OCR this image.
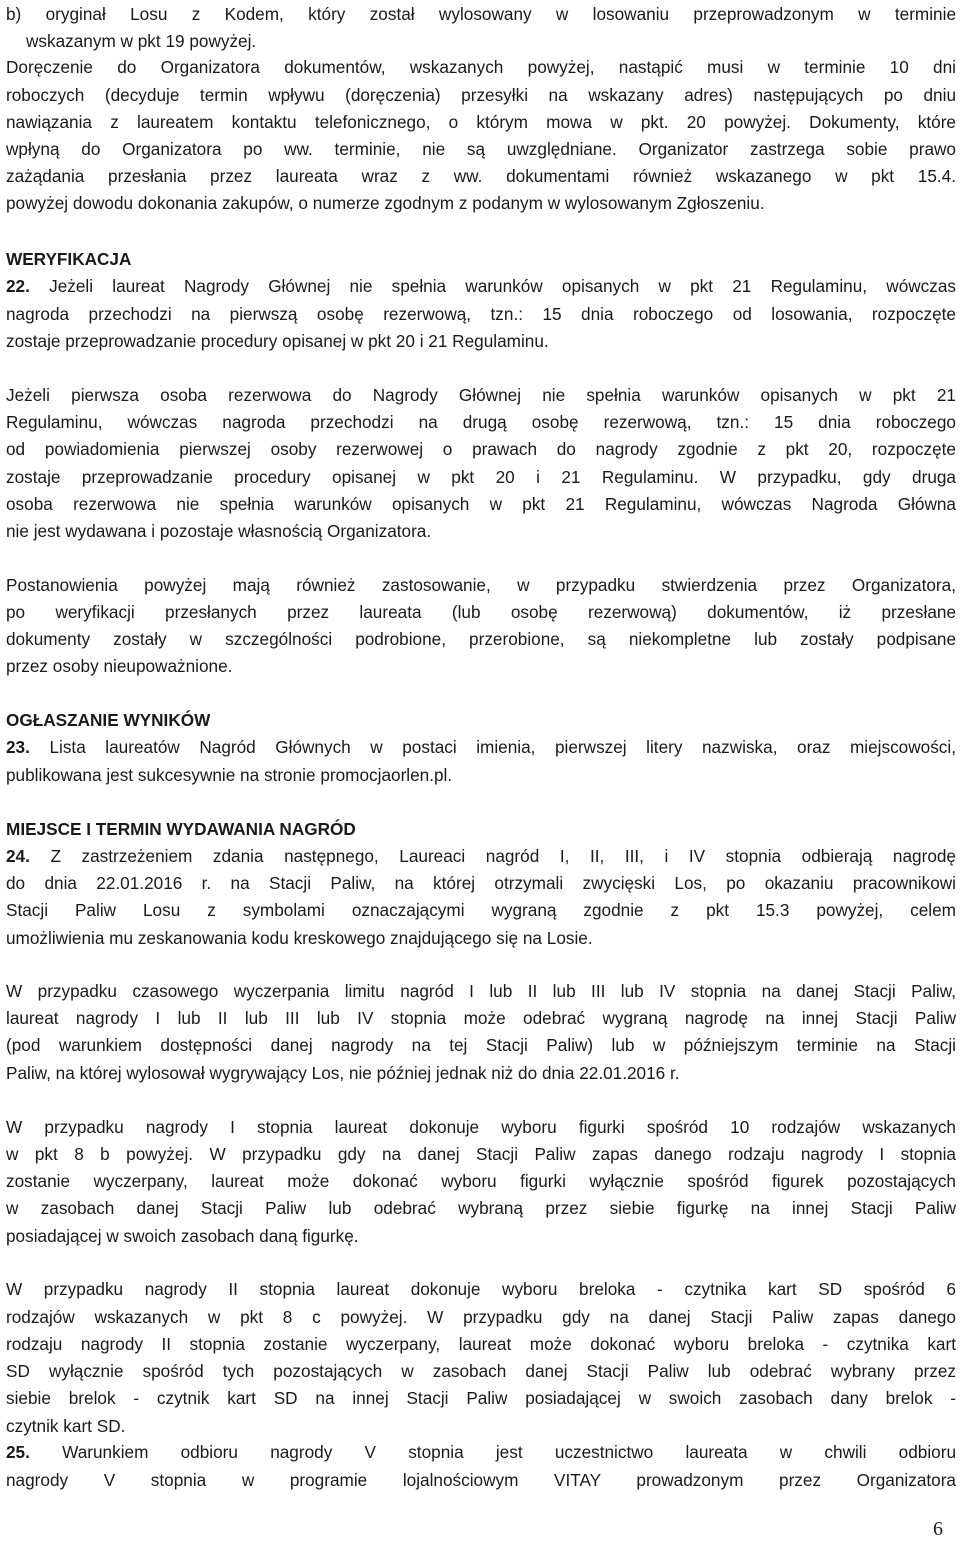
b) oryginał Losu z Kodem, który został wylosowany w losowaniu przeprowadzonym w terminie
wskazanym w pkt 19 powyżej.
Doręczenie do Organizatora dokumentów, wskazanych powyżej, nastąpić musi w terminie 10 dni
roboczych (decyduje termin wpływu (doręczenia) przesyłki na wskazany adres) następujących po dniu
nawiązania z laureatem kontaktu telefonicznego, o którym mowa w pkt. 20 powyżej. Dokumenty, które
wpłyną do Organizatora po ww. terminie, nie są uwzględniane. Organizator zastrzega sobie prawo
zażądania przesłania przez laureata wraz z ww. dokumentami również wskazanego w pkt 15.4.
powyżej dowodu dokonania zakupów, o numerze zgodnym z podanym w wylosowanym Zgłoszeniu.
WERYFIKACJA
22. Jeżeli laureat Nagrody Głównej nie spełnia warunków opisanych w pkt 21 Regulaminu, wówczas
nagroda przechodzi na pierwszą osobę rezerwową, tzn.: 15 dnia roboczego od losowania, rozpoczęte
zostaje przeprowadzanie procedury opisanej w pkt 20 i 21 Regulaminu.
Jeżeli pierwsza osoba rezerwowa do Nagrody Głównej nie spełnia warunków opisanych w pkt 21
Regulaminu, wówczas nagroda przechodzi na drugą osobę rezerwową, tzn.: 15 dnia roboczego
od powiadomienia pierwszej osoby rezerwowej o prawach do nagrody zgodnie z pkt 20, rozpoczęte
zostaje przeprowadzanie procedury opisanej w pkt 20 i 21 Regulaminu. W przypadku, gdy druga
osoba rezerwowa nie spełnia warunków opisanych w pkt 21 Regulaminu, wówczas Nagroda Główna
nie jest wydawana i pozostaje własnością Organizatora.
Postanowienia powyżej mają również zastosowanie, w przypadku stwierdzenia przez Organizatora,
po weryfikacji przesłanych przez laureata (lub osobę rezerwową) dokumentów, iż przesłane
dokumenty zostały w szczególności podrobione, przerobione, są niekompletne lub zostały podpisane
przez osoby nieupoważnione.
OGŁASZANIE WYNIKÓW
23. Lista laureatów Nagród Głównych w postaci imienia, pierwszej litery nazwiska, oraz miejscowości,
publikowana jest sukcesywnie na stronie promocjaorlen.pl.
MIEJSCE I TERMIN WYDAWANIA NAGRÓD
24. Z zastrzeżeniem zdania następnego, Laureaci nagród I, II, III, i IV stopnia odbierają nagrodę
do dnia 22.01.2016 r. na Stacji Paliw, na której otrzymali zwycięski Los, po okazaniu pracownikowi
Stacji Paliw Losu z symbolami oznaczającymi wygraną zgodnie z pkt 15.3 powyżej, celem
umożliwienia mu zeskanowania kodu kreskowego znajdującego się na Losie.
W przypadku czasowego wyczerpania limitu nagród I lub II lub III lub IV stopnia na danej Stacji Paliw,
laureat nagrody I lub II lub III lub IV stopnia może odebrać wygraną nagrodę na innej Stacji Paliw
(pod warunkiem dostępności danej nagrody na tej Stacji Paliw) lub w późniejszym terminie na Stacji
Paliw, na której wylosował wygrywający Los, nie później jednak niż do dnia 22.01.2016 r.
W przypadku nagrody I stopnia laureat dokonuje wyboru figurki spośród 10 rodzajów wskazanych
w pkt 8 b powyżej. W przypadku gdy na danej Stacji Paliw zapas danego rodzaju nagrody I stopnia
zostanie wyczerpany, laureat może dokonać wyboru figurki wyłącznie spośród figurek pozostających
w zasobach danej Stacji Paliw lub odebrać wybraną przez siebie figurkę na innej Stacji Paliw
posiadającej w swoich zasobach daną figurkę.
W przypadku nagrody II stopnia laureat dokonuje wyboru breloka - czytnika kart SD spośród 6
rodzajów wskazanych w pkt 8 c powyżej. W przypadku gdy na danej Stacji Paliw zapas danego
rodzaju nagrody II stopnia zostanie wyczerpany, laureat może dokonać wyboru breloka - czytnika kart
SD wyłącznie spośród tych pozostających w zasobach danej Stacji Paliw lub odebrać wybrany przez
siebie brelok - czytnik kart SD na innej Stacji Paliw posiadającej w swoich zasobach dany brelok -
czytnik kart SD.
25. Warunkiem odbioru nagrody V stopnia jest uczestnictwo laureata w chwili odbioru
nagrody V stopnia w programie lojalnościowym VITAY prowadzonym przez Organizatora
6
